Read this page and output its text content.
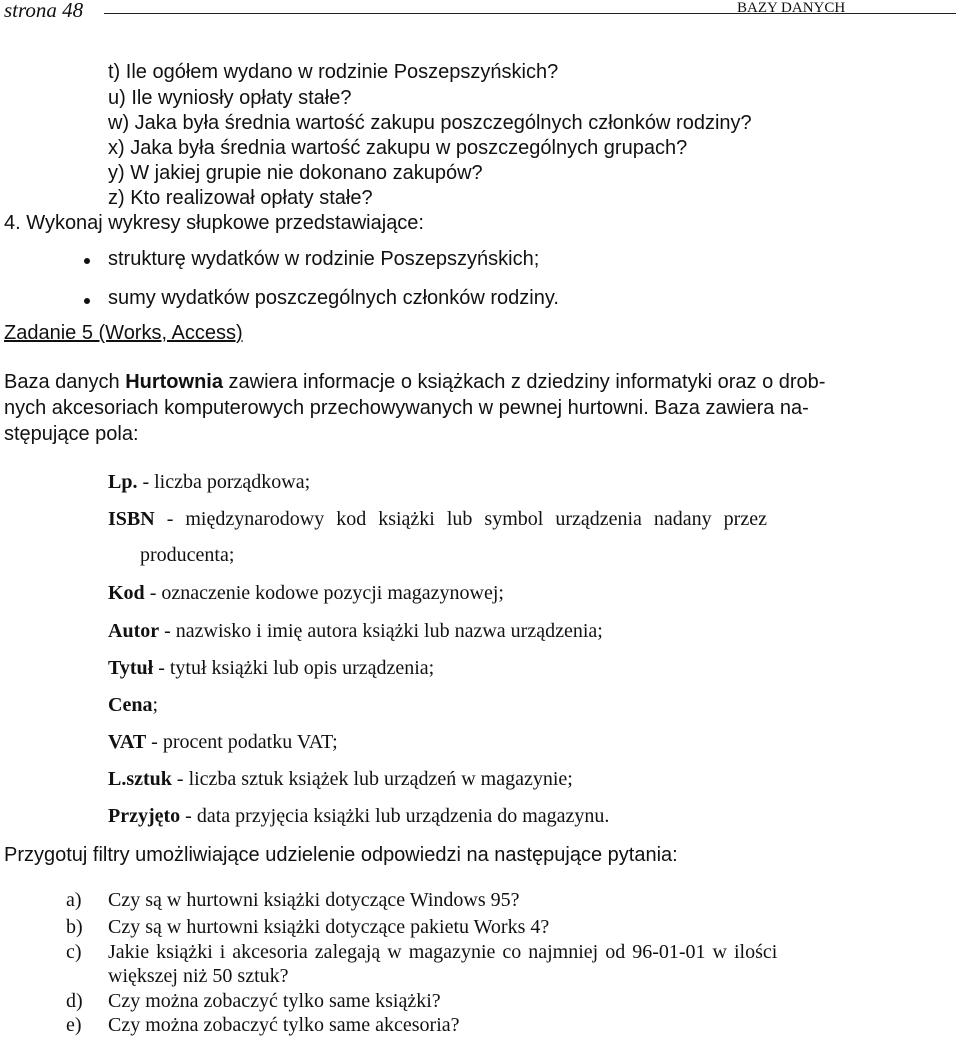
strona 48	BAZY DANYCH
t) Ile ogółem wydano w rodzinie Poszepszyńskich?
u) Ile wyniosły opłaty stałe?
w) Jaka była średnia wartość zakupu poszczególnych członków rodziny?
x) Jaka była średnia wartość zakupu w poszczególnych grupach?
y) W jakiej grupie nie dokonano zakupów?
z) Kto realizował opłaty stałe?
4. Wykonaj wykresy słupkowe przedstawiające:
strukturę wydatków w rodzinie Poszepszyńskich;
sumy wydatków poszczególnych członków rodziny.
Zadanie 5 (Works, Access)
Baza danych Hurtownia zawiera informacje o książkach z dziedziny informatyki oraz o drob-
nych akcesoriach komputerowych przechowywanych w pewnej hurtowni. Baza zawiera na-
stępujące pola:
Lp. - liczba porządkowa;
ISBN - międzynarodowy kod książki lub symbol urządzenia nadany przez
producenta;
Kod - oznaczenie kodowe pozycji magazynowej;
Autor - nazwisko i imię autora książki lub nazwa urządzenia;
Tytuł - tytuł książki lub opis urządzenia;
Cena;
VAT - procent podatku VAT;
L.sztuk - liczba sztuk książek lub urządzeń w magazynie;
Przyjęto - data przyjęcia książki lub urządzenia do magazynu.
Przygotuj filtry umożliwiające udzielenie odpowiedzi na następujące pytania:
a) Czy są w hurtowni książki dotyczące Windows 95?
b) Czy są w hurtowni książki dotyczące pakietu Works 4?
c) Jakie książki i akcesoria zalegają w magazynie co najmniej od 96-01-01 w ilości
większej niż 50 sztuk?
d) Czy można zobaczyć tylko same książki?
e) Czy można zobaczyć tylko same akcesoria?
